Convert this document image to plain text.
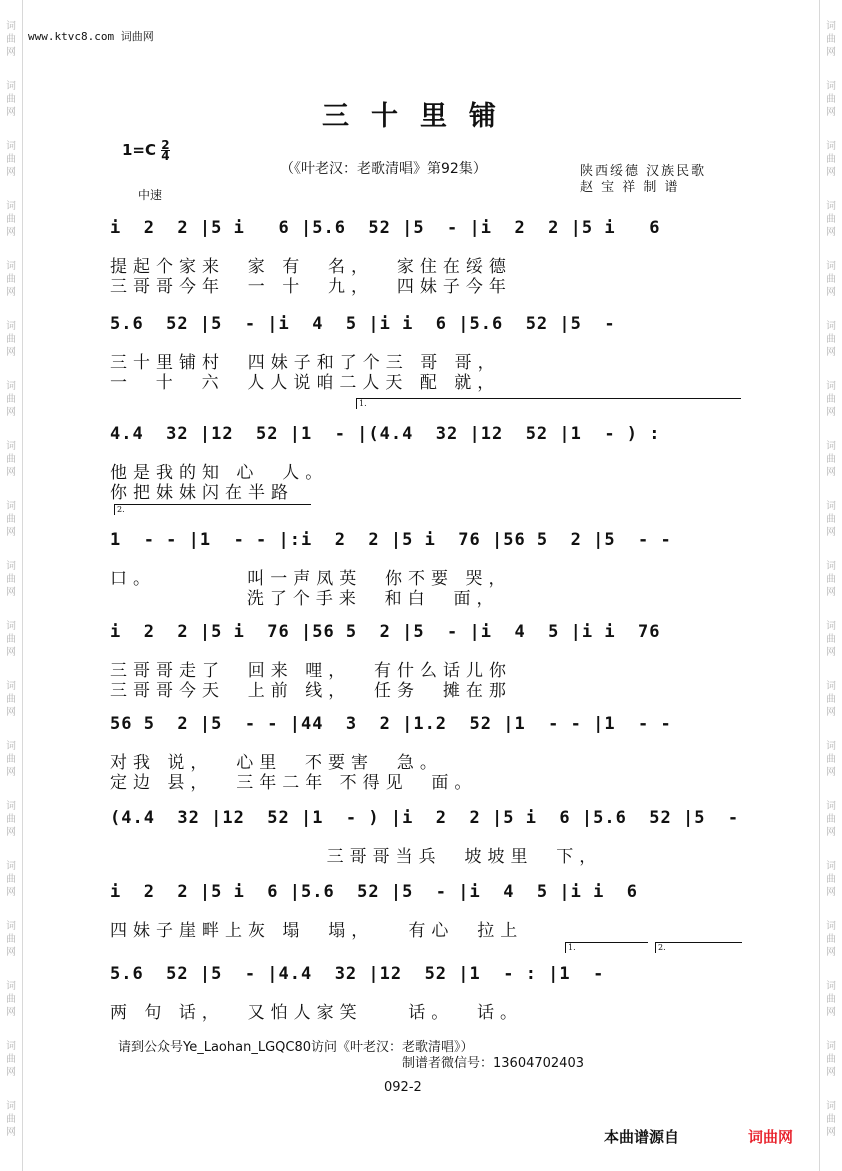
词
曲
网
词
曲
网
词
曲
网
词
曲
网
词
曲
网
词
曲
网
词
曲
网
词
曲
网
词
曲
网
词
曲
网
词
曲
网
词
曲
网
词
曲
网
词
曲
网
词
曲
网
词
曲
网
词
曲
网
词
曲
网
词
曲
网
词
曲
网
词
曲
网
词
曲
网
词
曲
网
词
曲
网
词
曲
网
词
曲
网
词
曲
网
词
曲
网
词
曲
网
词
曲
网
词
曲
网
词
曲
网
词
曲
网
词
曲
网
词
曲
网
词
曲
网
词
曲
网
词
曲
网
www.ktvc8.com 词曲网
三十里铺
$1=C \frac{2}{4}$
（《叶老汉：老歌清唱》第92集）	陕西绥德 汉族民歌
赵 宝 祥 制 谱
中速
i  2  2 |5 i   6 |5.6  52 |5  - |i  2  2 |5 i   6
提起个家来  家 有  名，  家住在绥德
三哥哥今年  一 十  九，  四妹子今年
5.6  52 |5  - |i  4  5 |i i  6 |5.6  52 |5  -
三十里铺村  四妹子和了个三 哥 哥，
一  十  六  人人说咱二人天 配 就，
4.4  32 |12  52 |1  - |(4.4  32 |12  52 |1  - ) :
他是我的知 心  人。
你把妹妹闪在半路
1  - - |1  - - |:i  2  2 |5 i  76 |56 5  2 |5  - -
口。        叫一声凤英  你不要 哭，
洗了个手来  和白  面，
i  2  2 |5 i  76 |56 5  2 |5  - |i  4  5 |i i  76
三哥哥走了  回来 哩，  有什么话儿你
三哥哥今天  上前 线，  任务  摊在那
56 5  2 |5  - - |44  3  2 |1.2  52 |1  - - |1  - -
对我 说，  心里  不要害  急。
定边 县，  三年二年 不得见  面。
(4.4  32 |12  52 |1  - ) |i  2  2 |5 i  6 |5.6  52 |5  -
三哥哥当兵  坡坡里  下，
i  2  2 |5 i  6 |5.6  52 |5  - |i  4  5 |i i  6
四妹子崖畔上灰 塌  塌，   有心  拉上
5.6  52 |5  - |4.4  32 |12  52 |1  - : |1  -
两 句 话，  又怕人家笑    话。  话。
1.
2.
1.	2.
请到公众号Ye_Laohan_LGQC80访问《叶老汉：老歌清唱》）
制谱者微信号：13604702403
092-2
本曲谱源自	词曲网
